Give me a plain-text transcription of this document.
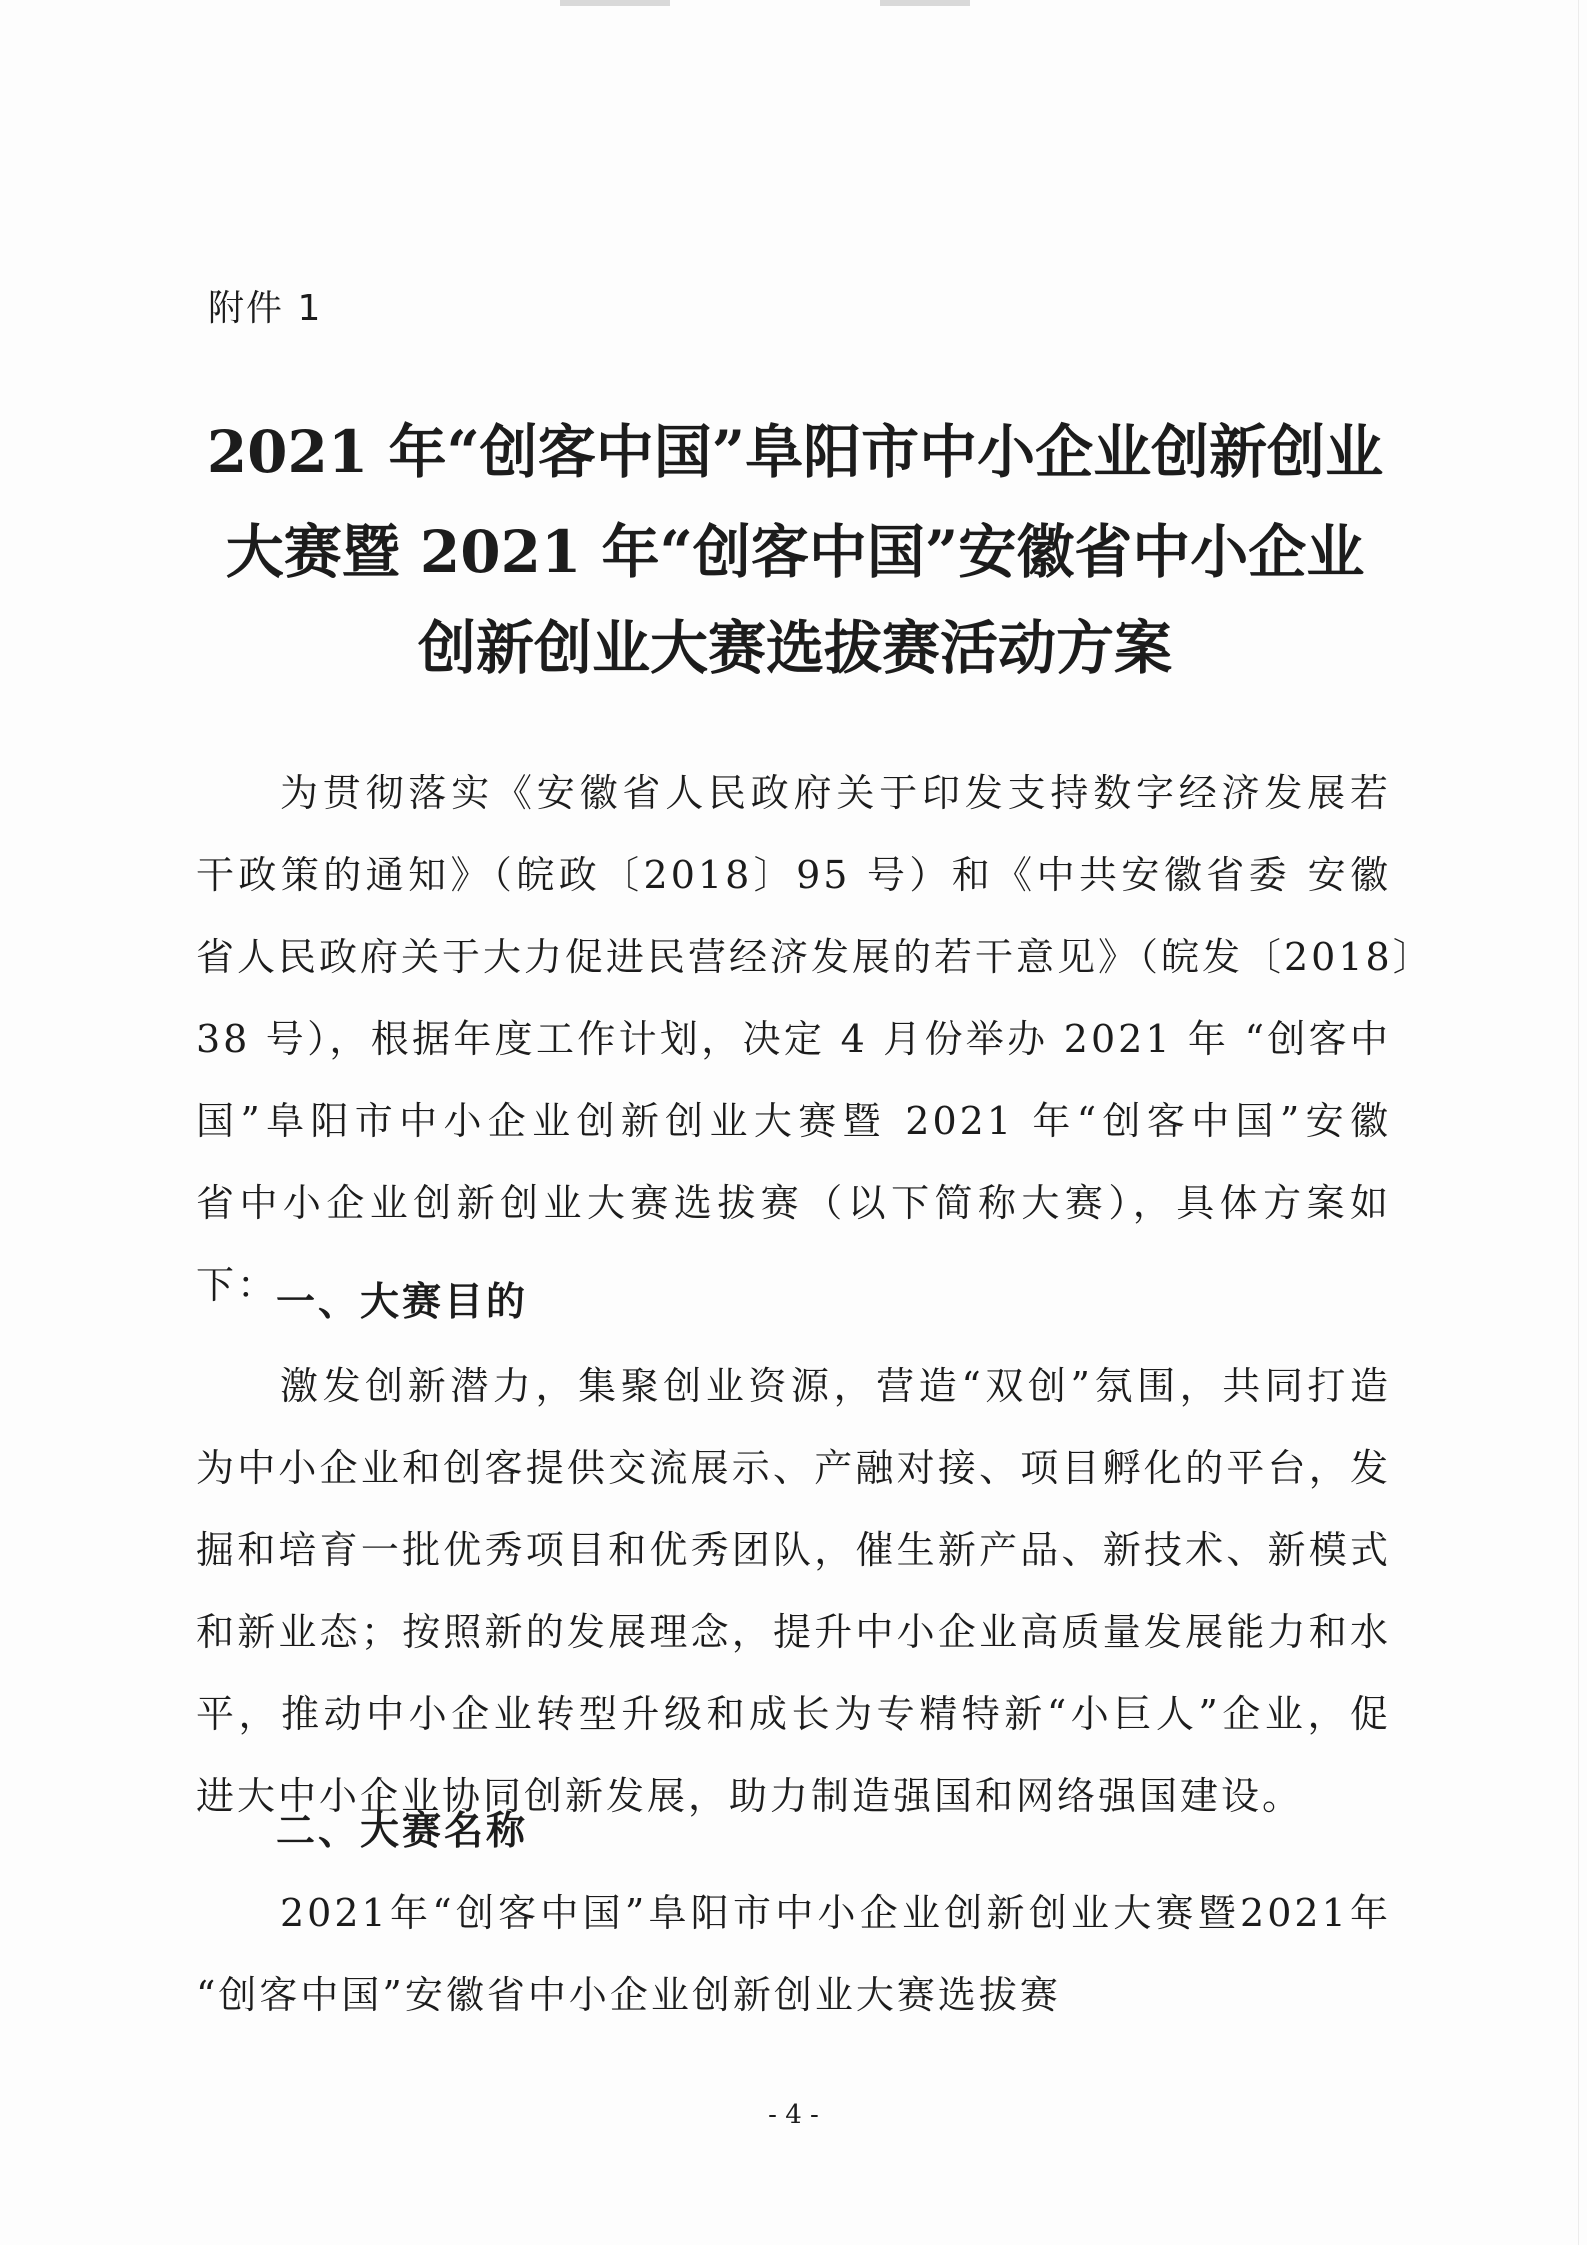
附件 1
2021 年“创客中国”阜阳市中小企业创新创业
大赛暨 2021 年“创客中国”安徽省中小企业
创新创业大赛选拔赛活动方案
为贯彻落实《安徽省人民政府关于印发支持数字经济发展若
干政策的通知》（皖政〔2018〕95 号）和《中共安徽省委 安徽
省人民政府关于大力促进民营经济发展的若干意见》（皖发〔2018〕
38 号），根据年度工作计划，决定 4 月份举办 2021 年 “创客中
国”阜阳市中小企业创新创业大赛暨 2021 年“创客中国”安徽
省中小企业创新创业大赛选拔赛（以下简称大赛），具体方案如
下：
一、大赛目的
激发创新潜力，集聚创业资源，营造“双创”氛围，共同打造
为中小企业和创客提供交流展示、产融对接、项目孵化的平台，发
掘和培育一批优秀项目和优秀团队，催生新产品、新技术、新模式
和新业态；按照新的发展理念，提升中小企业高质量发展能力和水
平，推动中小企业转型升级和成长为专精特新“小巨人”企业，促
进大中小企业协同创新发展，助力制造强国和网络强国建设。
二、大赛名称
2021年“创客中国”阜阳市中小企业创新创业大赛暨2021年
“创客中国”安徽省中小企业创新创业大赛选拔赛
- 4 -
